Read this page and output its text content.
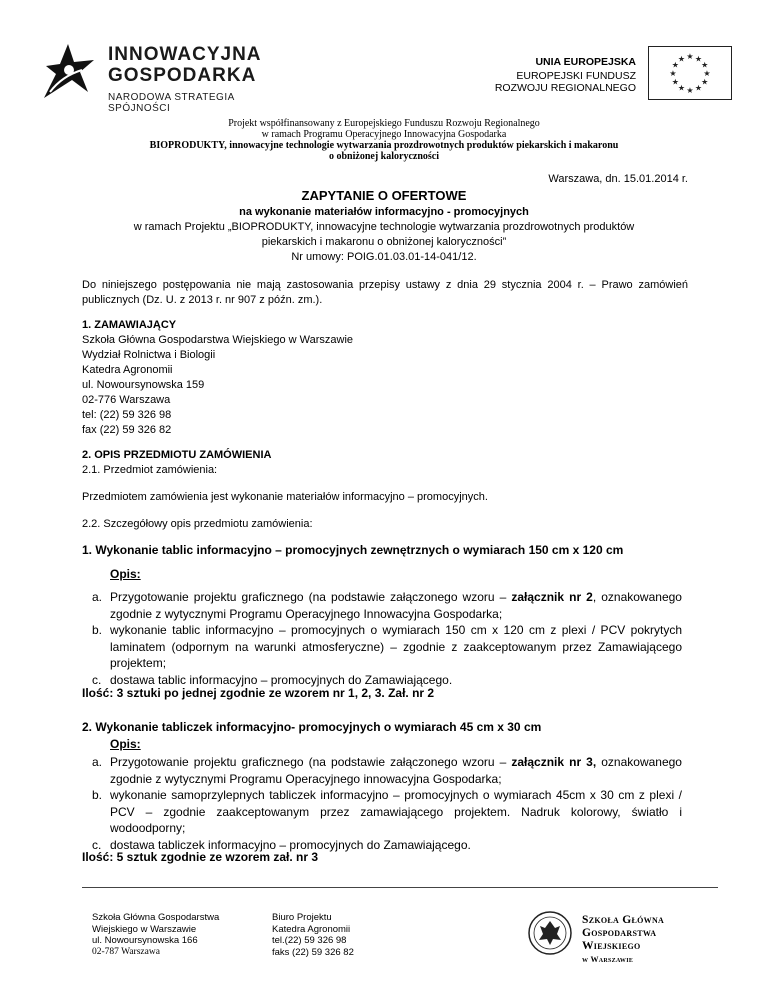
INNOWACYJNA
GOSPODARKA
NARODOWA STRATEGIA SPÓJNOŚCI
UNIA EUROPEJSKA
EUROPEJSKI FUNDUSZ
ROZWOJU REGIONALNEGO
★ ★
★
★
★
★
★
★
★
★
★
★
Projekt współfinansowany z Europejskiego Funduszu Rozwoju Regionalnego
w ramach Programu Operacyjnego Innowacyjna Gospodarka
BIOPRODUKTY, innowacyjne technologie wytwarzania prozdrowotnych produktów piekarskich i makaronu
o obniżonej kaloryczności
Warszawa, dn. 15.01.2014 r.
ZAPYTANIE O OFERTOWE
na wykonanie materiałów informacyjno - promocyjnych
w ramach Projektu „BIOPRODUKTY, innowacyjne technologie wytwarzania prozdrowotnych produktów
piekarskich i makaronu o obniżonej kaloryczności”
Nr umowy: POIG.01.03.01-14-041/12.
Do niniejszego postępowania nie mają zastosowania przepisy ustawy z dnia 29 stycznia 2004 r. – Prawo zamówień publicznych (Dz. U. z 2013 r. nr 907 z późn. zm.).
1. ZAMAWIAJĄCY
Szkoła Główna Gospodarstwa Wiejskiego w Warszawie
Wydział Rolnictwa i Biologii
Katedra Agronomii
ul. Nowoursynowska 159
02-776 Warszawa
tel: (22) 59 326 98
fax (22) 59 326 82
2. OPIS PRZEDMIOTU ZAMÓWIENIA
2.1. Przedmiot zamówienia:
Przedmiotem zamówienia jest wykonanie materiałów informacyjno – promocyjnych.
2.2. Szczegółowy opis przedmiotu zamówienia:
1. Wykonanie tablic informacyjno – promocyjnych zewnętrznych o wymiarach 150 cm x 120 cm
Opis:
a. Przygotowanie projektu graficznego (na podstawie załączonego wzoru – załącznik nr 2, oznakowanego zgodnie z wytycznymi Programu Operacyjnego Innowacyjna Gospodarka;
b. wykonanie tablic informacyjno – promocyjnych o wymiarach 150 cm x 120 cm z plexi / PCV pokrytych laminatem (odpornym na warunki atmosferyczne) – zgodnie z zaakceptowanym przez Zamawiającego projektem;
c. dostawa tablic informacyjno – promocyjnych do Zamawiającego.
Ilość: 3 sztuki po jednej zgodnie ze wzorem nr 1, 2, 3. Zał. nr 2
2. Wykonanie tabliczek informacyjno- promocyjnych o wymiarach 45 cm x 30 cm
Opis:
a. Przygotowanie projektu graficznego (na podstawie załączonego wzoru – załącznik nr 3, oznakowanego zgodnie z wytycznymi Programu Operacyjnego innowacyjna Gospodarka;
b. wykonanie samoprzylepnych tabliczek informacyjno – promocyjnych o wymiarach 45cm x 30 cm z plexi / PCV – zgodnie zaakceptowanym przez zamawiającego projektem. Nadruk kolorowy, światło i wodoodporny;
c. dostawa tabliczek informacyjno – promocyjnych do Zamawiającego.
Ilość: 5 sztuk zgodnie ze wzorem zał. nr 3
Szkoła Główna Gospodarstwa
Wiejskiego w Warszawie
ul. Nowoursynowska 166
02-787 Warszawa
Biuro Projektu
Katedra Agronomii
tel.(22) 59 326 98
faks (22) 59 326 82
Szkoła Główna
Gospodarstwa
Wiejskiego
w Warszawie
